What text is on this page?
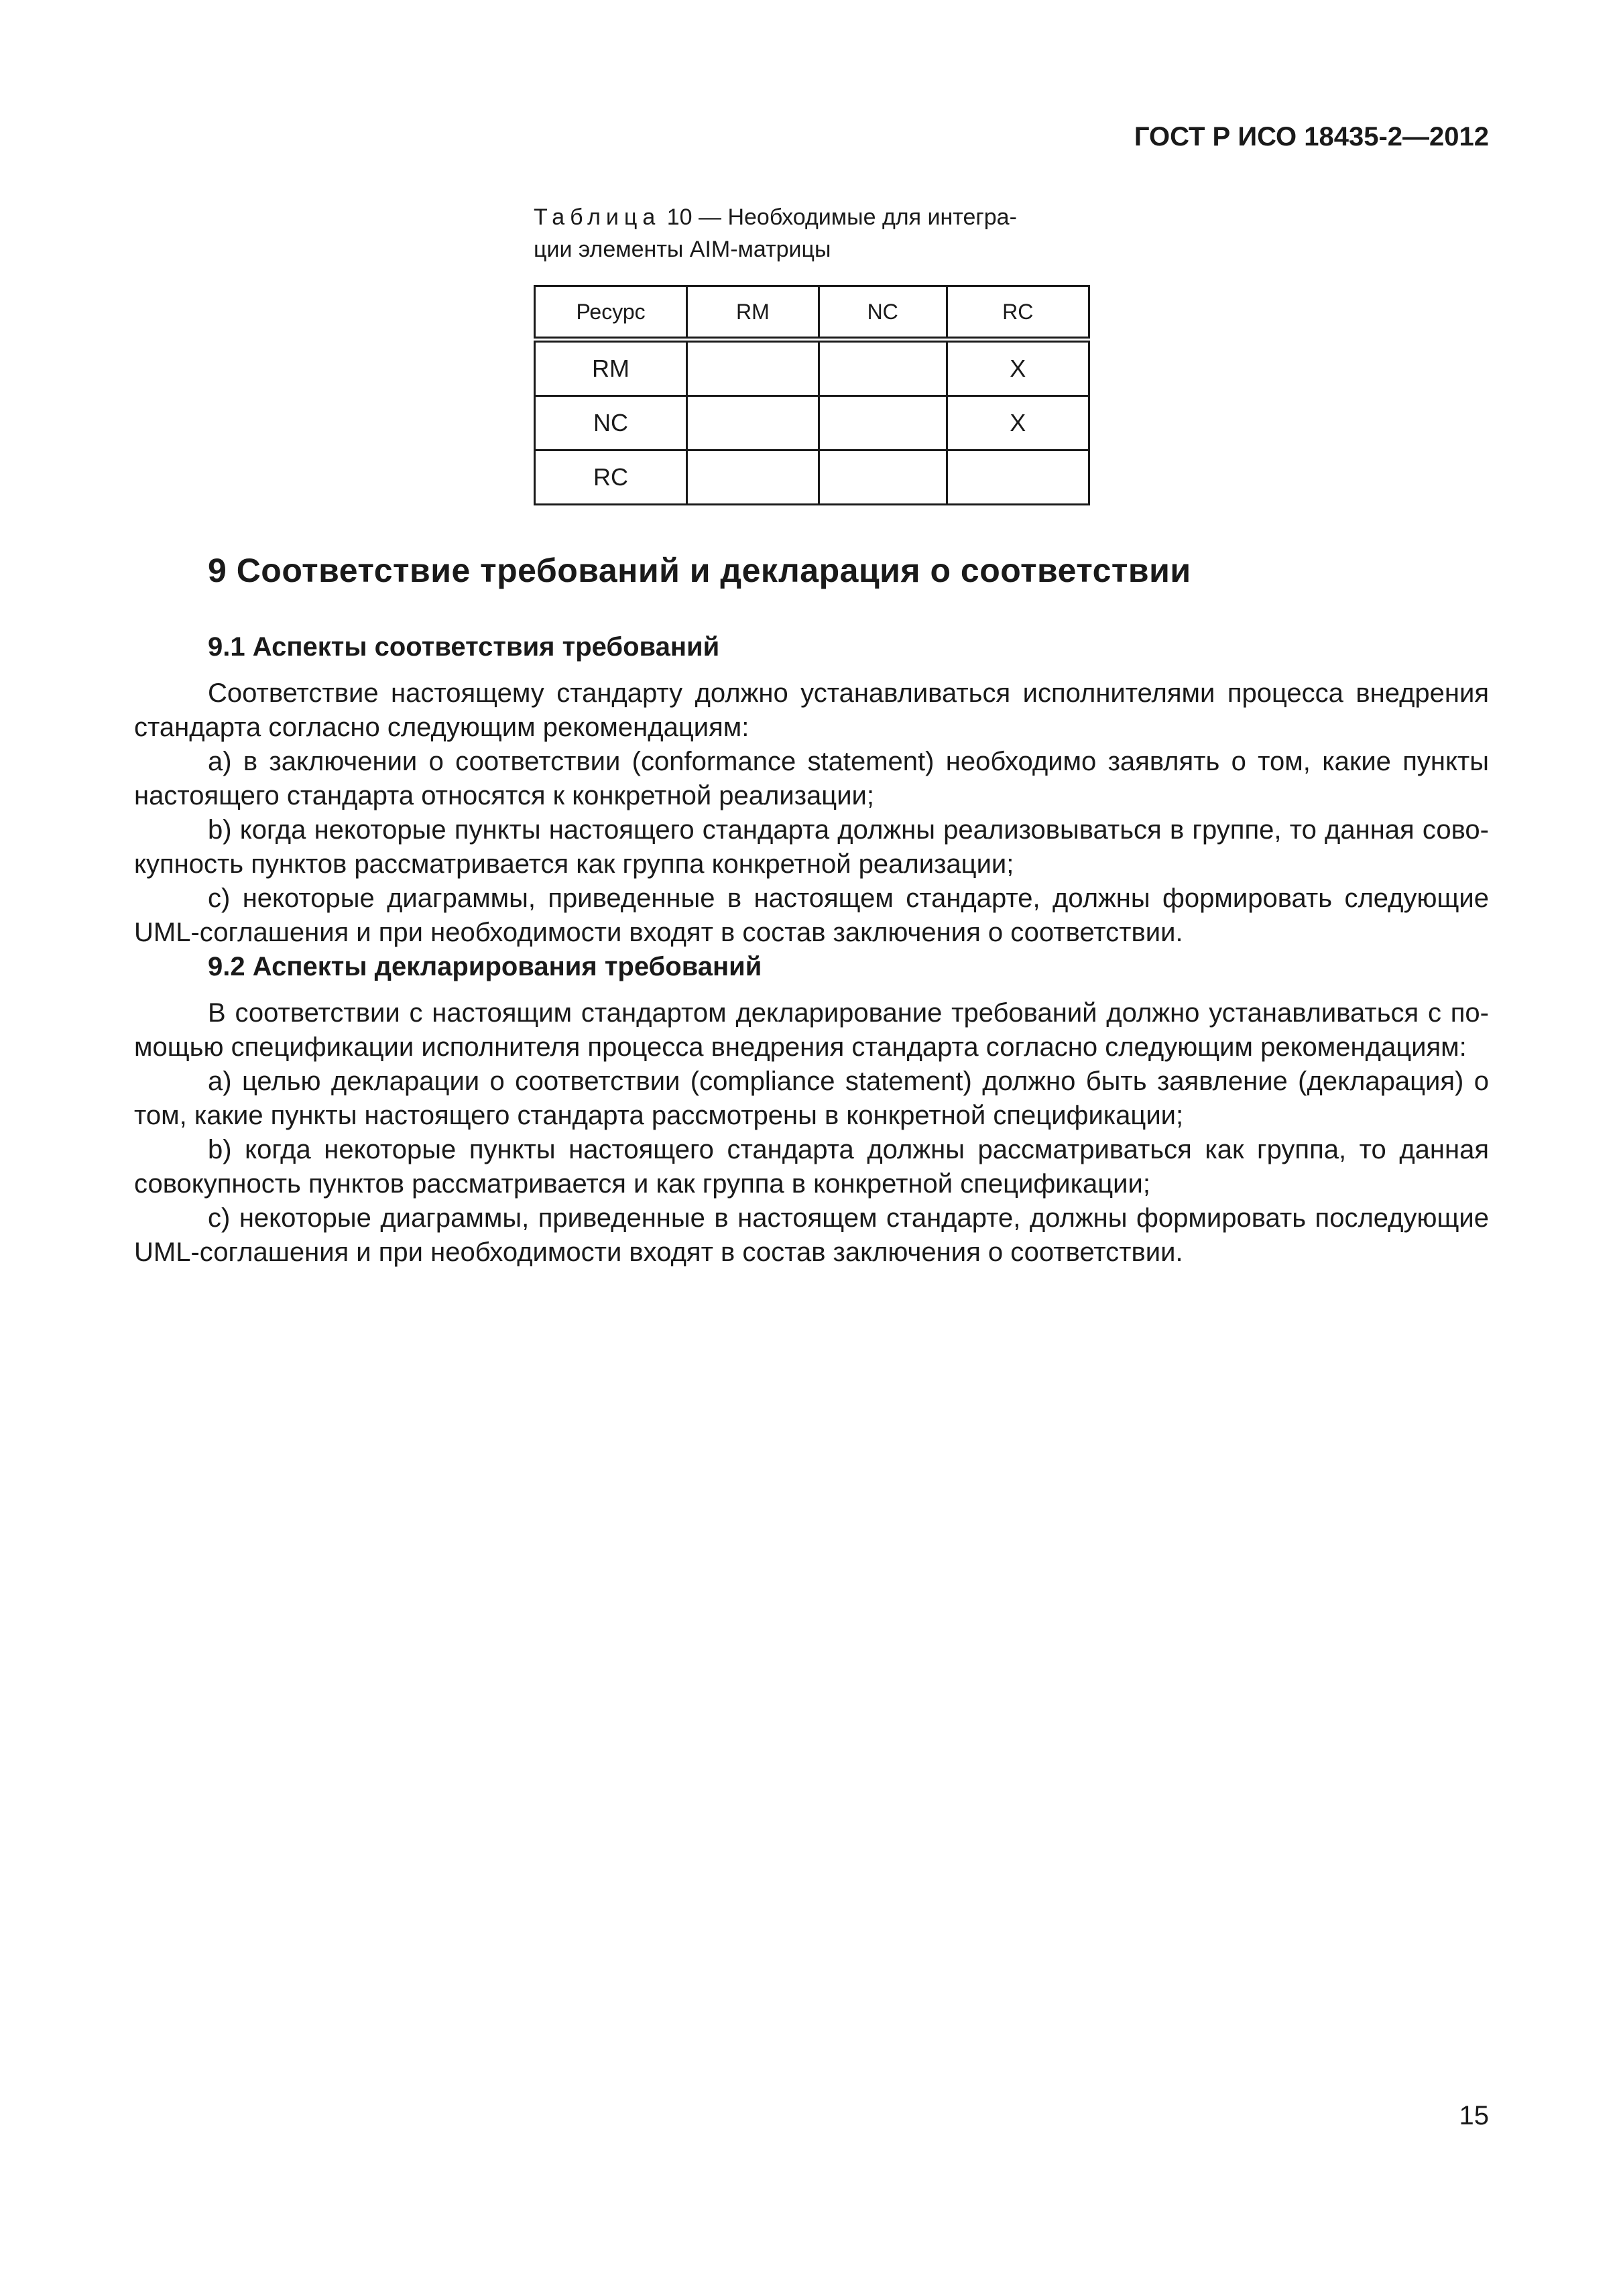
ГОСТ Р ИСО 18435-2—2012
Таблица 10 — Необходимые для интегра-
ции элементы AIM-матрицы
Ресурс	RM	NC	RC
RM			X
NC			X
RC			
9 Соответствие требований и декларация о соответствии
9.1 Аспекты соответствия требований

Соответствие настоящему стандарту должно устанавливаться исполнителями процесса внедрения стандарта согласно следующим рекомендациям:

a) в заключении о соответствии (conformance statement) необходимо заявлять о том, какие пункты настоящего стандарта относятся к конкретной реализации;

b) когда некоторые пункты настоящего стандарта должны реализовываться в группе, то данная сово-купность пунктов рассматривается как группа конкретной реализации;

c) некоторые диаграммы, приведенные в настоящем стандарте, должны формировать следующие UML-соглашения и при необходимости входят в состав заключения о соответствии.

9.2 Аспекты декларирования требований

В соответствии с настоящим стандартом декларирование требований должно устанавливаться с по-мощью спецификации исполнителя процесса внедрения стандарта согласно следующим рекомендациям:

a) целью декларации о соответствии (compliance statement) должно быть заявление (декларация) о том, какие пункты настоящего стандарта рассмотрены в конкретной спецификации;

b) когда некоторые пункты настоящего стандарта должны рассматриваться как группа, то данная совокупность пунктов рассматривается и как группа в конкретной спецификации;

c) некоторые диаграммы, приведенные в настоящем стандарте, должны формировать последующие UML-соглашения и при необходимости входят в состав заключения о соответствии.

15
